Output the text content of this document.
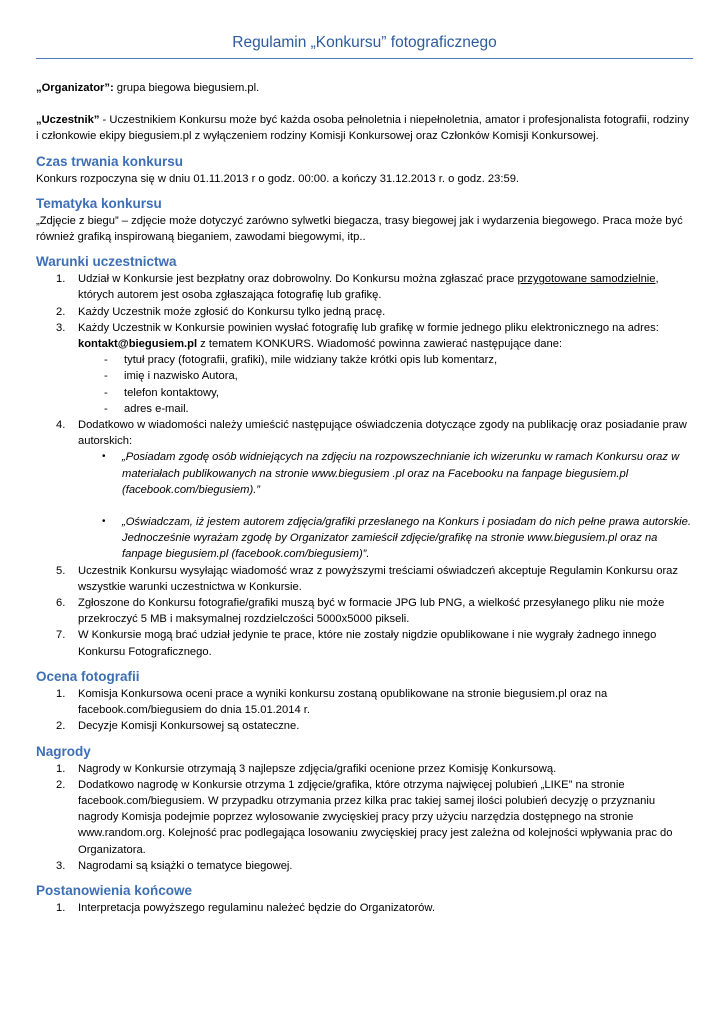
Regulamin „Konkursu” fotograficznego

„Organizator”: grupa biegowa biegusiem.pl.

„Uczestnik” - Uczestnikiem Konkursu może być każda osoba pełnoletnia i niepełnoletnia, amator i profesjonalista fotografii, rodziny i członkowie ekipy biegusiem.pl z wyłączeniem rodziny Komisji Konkursowej oraz Członków Komisji Konkursowej.

Czas trwania konkursu

Konkurs rozpoczyna się w dniu 01.11.2013 r o godz. 00:00. a kończy 31.12.2013 r. o godz. 23:59.

Tematyka konkursu

„Zdjęcie z biegu” – zdjęcie może dotyczyć zarówno sylwetki biegacza, trasy biegowej jak i wydarzenia biegowego. Praca może być również grafiką inspirowaną bieganiem, zawodami biegowymi, itp..

Warunki uczestnictwa
1. Udział w Konkursie jest bezpłatny oraz dobrowolny. Do Konkursu można zgłaszać prace przygotowane samodzielnie, których autorem jest osoba zgłaszająca fotografię lub grafikę.
2. Każdy Uczestnik może zgłosić do Konkursu tylko jedną pracę.
3. Każdy Uczestnik w Konkursie powinien wysłać fotografię lub grafikę w formie jednego pliku elektronicznego na adres: kontakt@biegusiem.pl z tematem KONKURS. Wiadomość powinna zawierać następujące dane:
- tytuł pracy (fotografii, grafiki), mile widziany także krótki opis lub komentarz,
- imię i nazwisko Autora,
- telefon kontaktowy,
- adres e-mail.
4. Dodatkowo w wiadomości należy umieścić następujące oświadczenia dotyczące zgody na publikację oraz posiadanie praw autorskich:
• „Posiadam zgodę osób widniejących na zdjęciu na rozpowszechnianie ich wizerunku w ramach Konkursu oraz w materiałach publikowanych na stronie www.biegusiem .pl oraz na Facebooku na fanpage biegusiem.pl (facebook.com/biegusiem).”
• „Oświadczam, iż jestem autorem zdjęcia/grafiki przesłanego na Konkurs i posiadam do nich pełne prawa autorskie. Jednocześnie wyrażam zgodę by Organizator zamieścił zdjęcie/grafikę na stronie www.biegusiem.pl oraz na fanpage biegusiem.pl (facebook.com/biegusiem)”.
5. Uczestnik Konkursu wysyłając wiadomość wraz z powyższymi treściami oświadczeń akceptuje Regulamin Konkursu oraz wszystkie warunki uczestnictwa w Konkursie.
6. Zgłoszone do Konkursu fotografie/grafiki muszą być w formacie JPG lub PNG, a wielkość przesyłanego pliku nie może przekroczyć 5 MB i maksymalnej rozdzielczości 5000x5000 pikseli.
7. W Konkursie mogą brać udział jedynie te prace, które nie zostały nigdzie opublikowane i nie wygrały żadnego innego Konkursu Fotograficznego.
Ocena fotografii
1. Komisja Konkursowa oceni prace a wyniki konkursu zostaną opublikowane na stronie biegusiem.pl oraz na facebook.com/biegusiem do dnia 15.01.2014 r.
2. Decyzje Komisji Konkursowej są ostateczne.
Nagrody
1. Nagrody w Konkursie otrzymają 3 najlepsze zdjęcia/grafiki ocenione przez Komisję Konkursową.
2. Dodatkowo nagrodę w Konkursie otrzyma 1 zdjęcie/grafika, które otrzyma najwięcej polubień „LIKE” na stronie facebook.com/biegusiem. W przypadku otrzymania przez kilka prac takiej samej ilości polubień decyzję o przyznaniu nagrody Komisja podejmie poprzez wylosowanie zwycięskiej pracy przy użyciu narzędzia dostępnego na stronie www.random.org. Kolejność prac podlegająca losowaniu zwycięskiej pracy jest zależna od kolejności wpływania prac do Organizatora.
3. Nagrodami są książki o tematyce biegowej.
Postanowienia końcowe
1. Interpretacja powyższego regulaminu należeć będzie do Organizatorów.
